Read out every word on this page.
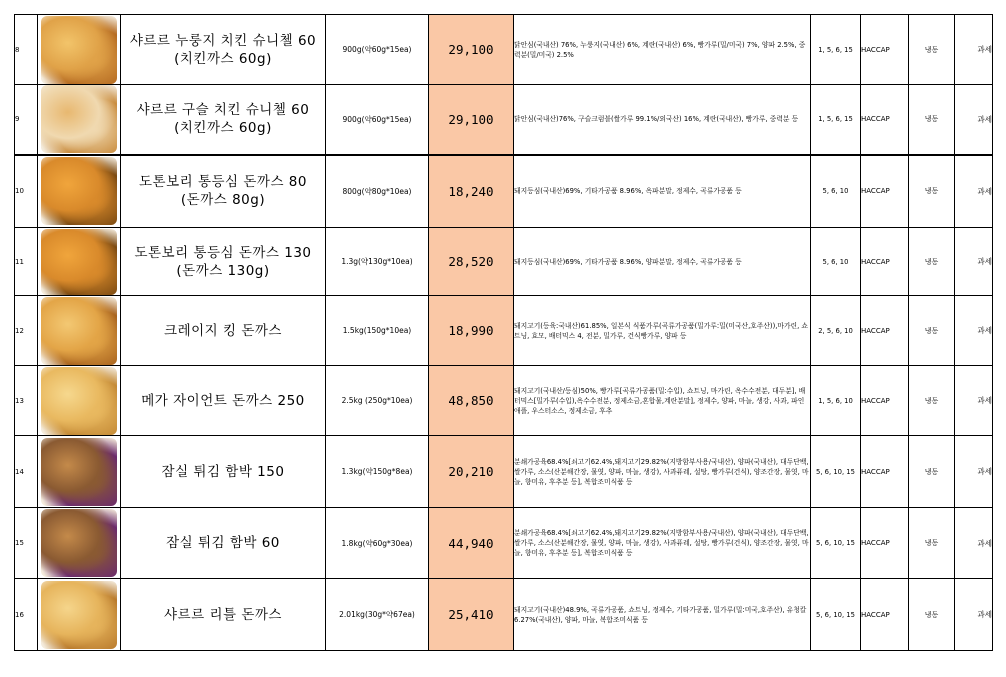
8		샤르르 누룽지 치킨 슈니첼 60
(치킨까스 60g)	900g(약60g*15ea)	29,100	닭안심(국내산) 76%, 누룽지(국내산) 6%, 계란(국내산) 6%, 빵가루(밀/미국) 7%, 양파 2.5%, 중력분(밀/미국) 2.5%	1, 5, 6, 15	HACCAP	냉동	과세
9		샤르르 구슬 치킨 슈니첼 60
(치킨까스 60g)	900g(약60g*15ea)	29,100	닭안심(국내산)76%, 구슬크럼블(쌀가루 99.1%/외국산) 16%, 계란(국내산), 빵가루, 중력분 등	1, 5, 6, 15	HACCAP	냉동	과세
10		도톤보리 통등심 돈까스 80
(돈까스 80g)	800g(약80g*10ea)	18,240	돼지등심(국내산)69%, 기타가공품 8.96%, 옥파분말, 정제수, 곡류가공품 등	5, 6, 10	HACCAP	냉동	과세
11		도톤보리 통등심 돈까스 130
(돈까스 130g)	1.3g(약130g*10ea)	28,520	돼지등심(국내산)69%, 기타가공품 8.96%, 양파분말, 정제수, 곡류가공품 등	5, 6, 10	HACCAP	냉동	과세
12		크레이지 킹 돈까스	1.5kg(150g*10ea)	18,990	돼지고기(등육:국내산)61.85%, 일본식 식품가루(곡류가공품(밀가루:밀(미국산,호주산)),마가린, 쇼트닝, 효모, 배터믹스 4, 전분, 밀가루, 건식빵가루, 양파 등	2, 5, 6, 10	HACCAP	냉동	과세
13		메가 자이언트 돈까스 250	2.5kg (250g*10ea)	48,850	돼지고기(국내산/등심)50%, 빵가루[곡류가공품(밀:수입), 쇼트닝, 마가린, 옥수수전분, 대두분], 배터믹스[밀가루(수입),옥수수전분, 정제소금,혼합물,계란분말], 정제수, 양파, 마늘, 생강, 사과, 파인애플, 우스터소스, 정제소금, 후추	1, 5, 6, 10	HACCAP	냉동	과세
14		잠실 튀김 함박 150	1.3kg(약150g*8ea)	20,210	분쇄가공육68.4%[쇠고기62.4%,돼지고기29.82%(지방함부사용/국내산), 양파(국내산), 대두단백, 쌀가루, 소스(산분해간장, 물엿, 양파, 마늘, 생강), 사과퓨레, 설탕, 빵가루(건식), 양조간장, 물엿, 마늘, 향미유, 후추분 등], 복합조미식품 등	5, 6, 10, 15	HACCAP	냉동	과세
15		잠실 튀김 함박 60	1.8kg(약60g*30ea)	44,940	분쇄가공육68.4%[쇠고기62.4%,돼지고기29.82%(지방함부사용/국내산), 양파(국내산), 대두단백, 쌀가루, 소스(산분해간장, 물엿, 양파, 마늘, 생강), 사과퓨레, 설탕, 빵가루(건식), 양조간장, 물엿, 마늘, 향미유, 후추분 등], 복합조미식품 등	5, 6, 10, 15	HACCAP	냉동	과세
16		샤르르 리틀 돈까스	2.01kg(30g*약67ea)	25,410	돼지고기(국내산)48.9%, 곡류가공품, 쇼트닝, 정제수, 기타가공품, 밀가루(밀:미국,호주산), 유청칼6.27%(국내산), 양파, 마늘, 복합조미식품 등	5, 6, 10, 15	HACCAP	냉동	과세
